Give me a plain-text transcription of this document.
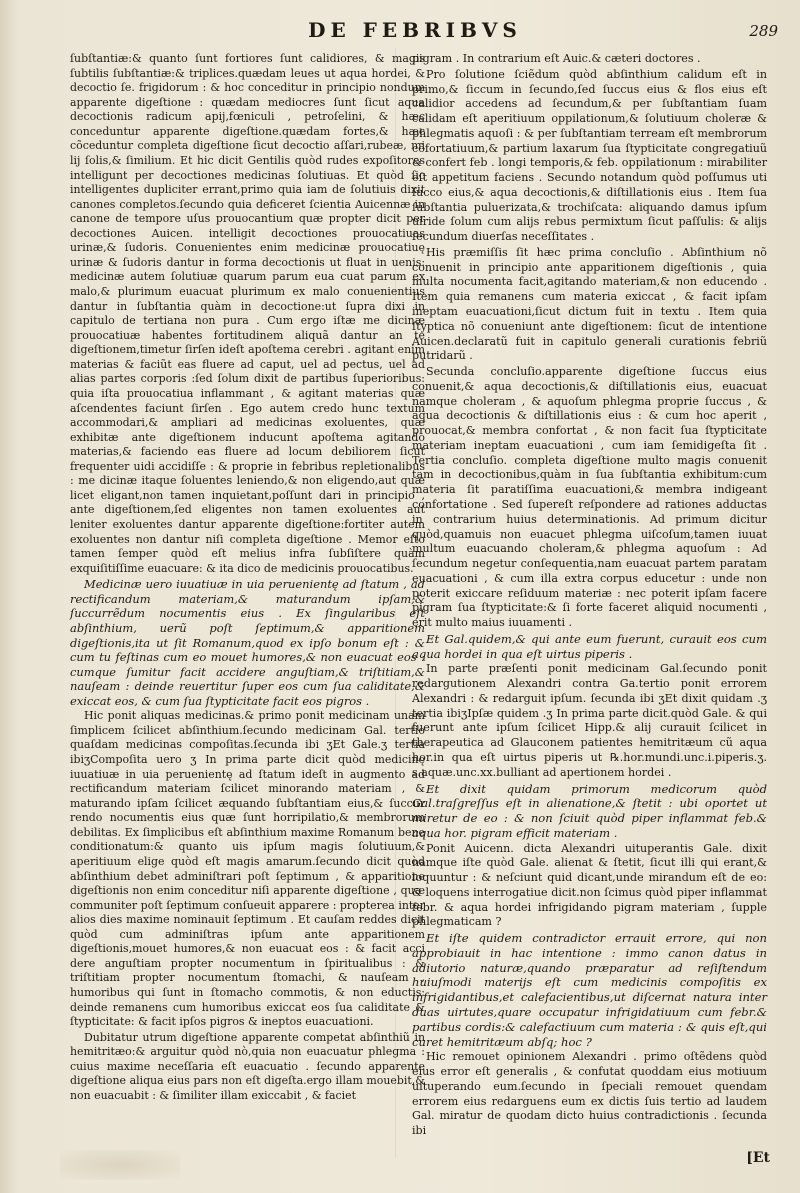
DE FEBRIBVS	289

ſubſtantiæ:& quanto ſunt fortiores ſunt calidiores, & magis ſubtilis ſubſtantiæ:& triplices.quædam leues ut aqua hordei, & decoctio ſe. frigidorum : & hoc conceditur in principio nondum apparente digeſtione : quædam mediocres ſunt ſicut aqua decoctionis radicum apij,fœniculi , petroſelini, & hæc conceduntur apparente digeſtione.quædam fortes,& hæc cõceduntur completa digeſtione ſicut decoctio aſſari,rubeæ, mi lij ſolis,& ſimilium. Et hic dicit Gentilis quòd rudes expoſitores intelligunt per decoctiones medicinas ſolutiuas. Et quòd ſic intelligentes dupliciter errant,primo quia iam de ſolutiuis dixit canones completos.ſecundo quia deficeret ſcientia Auicennæ in canone de tempore uſus prouocantium quæ propter dicit per decoctiones Auicen. intelligit decoctiones prouocatiuas urinæ,& ſudoris. Conuenientes enim medicinæ prouocatiuę urinæ & ſudoris dantur in forma decoctionis ut fluat in uenis: medicinæ autem ſolutiuæ quarum parum eua cuat parum ex malo,& plurimum euacuat plurimum ex malo conuenientius dantur in ſubſtantia quàm in decoctione:ut ſupra dixi in capitulo de tertiana non pura . Cum ergo iſtæ me dicinæ prouocatiuæ habentes fortitudinem aliquã dantur an te digeſtionem,timetur ſirſen ideſt apoſtema cerebri . agitant enim materias & faciũt eas fluere ad caput, uel ad pectus, uel ad alias partes corporis :ſed ſolum dixit de partibus ſuperioribus: quia iſta prouocatiua inflammant , & agitant materias quæ aſcendentes faciunt ſirſen . Ego autem credo hunc textum accommodari,& ampliari ad medicinas exoluentes, quæ exhibitæ ante digeſtionem inducunt apoſtema agitando materias,& faciendo eas fluere ad locum debiliorem ſicut frequenter uidi accidiſſe : & proprie in febribus repletionalibus : me dicinæ itaque ſoluentes leniendo,& non eligendo,aut quæ licet eligant,non tamen inquietant,poſſunt dari in principio , ante digeſtionem,ſed eligentes non tamen exoluentes aut leniter exoluentes dantur apparente digeſtione:fortiter autem exoluentes non dantur niſi completa digeſtione . Memor eſto tamen ſemper quòd eſt melius infra ſubſiſtere quàm exquiſitiſſime euacuare: & ita dico de medicinis prouocatibus.

Medicinæ uero iuuatiuæ in uia peruenientę ad ſtatum , ad rectificandum materiam,& maturandum ipſam,& ſuccurrẽdum nocumentis eius . Ex ſingularibus eſt abſinthium, uerũ poſt ſeptimum,& apparitionem digeſtionis,ita ut ſit Romanum,quod ex ipſo bonum eſt : & cum tu feſtinas cum eo mouet humores,& non euacuat eos : cumque ſumitur facit accidere anguſtiam,& triſtitiam,& nauſeam : deinde reuertitur ſuper eos cum ſua caliditate,& exiccat eos, & cum ſua ſtypticitate facit eos pigros .

Hic ponit aliquas medicinas.& primo ponit medicinam unam ſimplicem ſcilicet abſinthium.ſecundo medicinam Gal. tertio quaſdam medicinas compoſitas.ſecunda ibi ʒEt Gale.ʒ tertia ibiʒCompoſita uero ʒ In prima parte dicit quòd medicinę iuuatiuæ in uia peruenientę ad ſtatum ideſt in augmento ad rectificandum materiam ſcilicet minorando materiam , & maturando ipſam ſcilicet æquando ſubſtantiam eius,& ſuccur rendo nocumentis eius quæ ſunt horripilatio,& membrorum debilitas. Ex ſimplicibus eſt abſinthium maxime Romanum bene conditionatum:& quanto uis ipſum magis ſolutiuum,& aperitiuum elige quòd eſt magis amarum.ſecundo dicit quòd abſinthium debet adminiſtrari poſt ſeptimum , & apparitione digeſtionis non enim conceditur niſi apparente digeſtione , quæ communiter poſt ſeptimum conſueuit apparere : propterea inter alios dies maxime nominauit ſeptimum . Et cauſam reddes dicit quòd cum adminiſtras ipſum ante apparitionem digeſtionis,mouet humores,& non euacuat eos : & facit acci dere anguſtiam propter nocumentum in ſpiritualibus : & triſtitiam propter nocumentum ſtomachi, & nauſeam , humoribus qui ſunt in ſtomacho commotis, & non eductis: deinde remanens cum humoribus exiccat eos ſua caliditate & ſtypticitate: & facit ipſos pigros & ineptos euacuationi.

Dubitatur utrum digeſtione apparente competat abſinthiũ in hemitritæo:& arguitur quòd nò,quia non euacuatur phlegma : cuius maxime neceſſaria eſt euacuatio . ſecundo apparente digeſtione aliqua eius pars non eſt digeſta.ergo illam mouebit,& non euacuabit : & ſimiliter illam exiccabit , & faciet

pigram . In contrarium eſt Auic.& cæteri doctores .

Pro ſolutione ſciẽdum quòd abſinthium calidum eſt in primo,& ſiccum in ſecundo,ſed ſuccus eius & flos eius eſt calidior accedens ad ſecundum,& per ſubſtantiam ſuam calidam eſt aperitiuum oppilationum,& ſolutiuum choleræ & phlegmatis aquoſi : & per ſubſtantiam terream eſt membrorum cõfortatiuum,& partium laxarum ſua ſtypticitate congregatiuũ & confert feb . longi temporis,& feb. oppilationum : mirabiliter eſt appetitum faciens . Secundo notandum quòd poſſumus uti ſucco eius,& aqua decoctionis,& diſtillationis eius . Item ſua ſubſtantia puluerizata,& trochiſcata: aliquando damus ipſum uiride ſolum cum alijs rebus permixtum ſicut paſſulis: & alijs ſecundum diuerſas neceſſitates .

His præmiſſis ſit hæc prima concluſio . Abſinthium nõ conuenit in principio ante apparitionem digeſtionis , quia multa nocumenta facit,agitando materiam,& non educendo . Item quia remanens cum materia exiccat , & facit ipſam ineptam euacuationi,ſicut dictum fuit in textu . Item quia ſtyptica nõ conueniunt ante digeſtionem: ſicut de intentione Auicen.declaratũ fuit in capitulo generali curationis febriũ putridarũ .

Secunda concluſio.apparente digeſtione ſuccus eius conuenit,& aqua decoctionis,& diſtillationis eius, euacuat namque choleram , & aquoſum phlegma proprie ſuccus , & aqua decoctionis & diſtillationis eius : & cum hoc aperit , prouocat,& membra confortat , & non facit ſua ſtypticitate materiam ineptam euacuationi , cum iam ſemidigeſta ſit . Tertia concluſio. completa digeſtione multo magis conuenit tam in decoctionibus,quàm in ſua ſubſtantia exhibitum:cum materia ſit paratiſſima euacuationi,& membra indigeant confortatione . Sed ſupereſt reſpondere ad rationes adductas in contrarium huius determinationis. Ad primum dicitur quòd,quamuis non euacuet phlegma uiſcoſum,tamen iuuat multum euacuando choleram,& phlegma aquoſum : Ad ſecundum negetur conſequentia,nam euacuat partem paratam euacuationi , & cum illa extra corpus educetur : unde non poterit exiccare reſiduum materiæ : nec poterit ipſam facere pigram ſua ſtypticitate:& ſi forte faceret aliquid nocumenti , erit multo maius iuuamenti .

Et Gal.quidem,& qui ante eum fuerunt, curauit eos cum aqua hordei in qua eſt uirtus piperis .

In parte præſenti ponit medicinam Gal.ſecundo ponit redargutionem Alexandri contra Ga.tertio ponit errorem Alexandri : & redarguit ipſum. ſecunda ibi ʒEt dixit quidam .ʒ tertia ibiʒIpſæ quidem .ʒ In prima parte dicit.quòd Gale. & qui fuerunt ante ipſum ſcilicet Hipp.& alij curauit ſcilicet in therapeutica ad Glauconem patientes hemitritæum cũ aqua hor.in qua eſt uirtus piperis ut ℞.hor.mundi.unc.i.piperis.ʒ. s.aquæ.unc.xx.bulliant ad apertionem hordei .

Et dixit quidam primorum medicorum quòd Gal.traſgreſſus eſt in alienatione,& ſtetit : ubi oportet ut miretur de eo : & non ſciuit quòd piper inflammat feb.& aqua hor. pigram efficit materiam .

Ponit Auicenn. dicta Alexandri uituperantis Gale. dixit namque iſte quòd Gale. alienat & ſtetit, ſicut illi qui erant,& loquuntur : & neſciunt quid dicant,unde mirandum eſt de eo: & loquens interrogatiue dicit.non ſcimus quòd piper inflammat febr. & aqua hordei infrigidando pigram materiam , ſupple phlegmaticam ?

Et iſte quidem contradictor errauit errore, qui non approbiauit in hac intentione : immo canon datus in adiutorio naturæ,quando præparatur ad reſiſtendum huiuſmodi materijs eſt cum medicinis compoſitis ex infrigidantibus,et calefacientibus,ut diſcernat natura inter duas uirtutes,quare occupatur infrigidatiuum cum febr.& partibus cordis:& calefactiuum cum materia : & quis eſt,qui curet hemitritæum abſq; hoc ?

Hic remouet opinionem Alexandri . primo oſtẽdens quòd eius error eſt generalis , & confutat quoddam eius motiuum uituperando eum.ſecundo in ſpeciali remouet quendam errorem eius redarguens eum ex dictis ſuis tertio ad laudem Gal. miratur de quodam dicto huius contradictionis . ſecunda ibi

[Et
